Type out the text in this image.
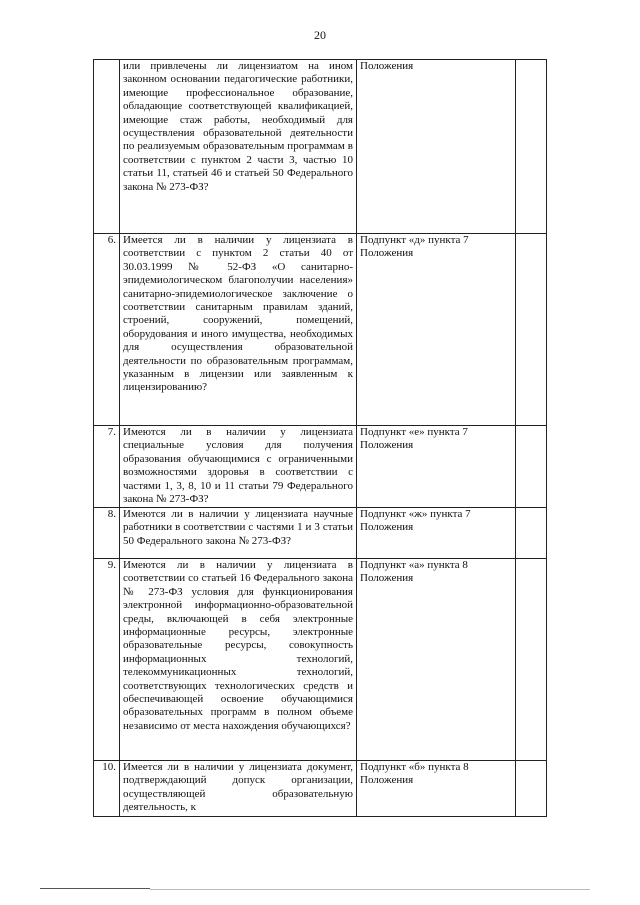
20

	или привлечены ли лицензиатом на ином законном основании педагогические работники, имеющие профессиональное образование, обладающие соответствующей квалификацией, имеющие стаж работы, необходимый для осуществления образовательной деятельности по реализуемым образовательным программам в соответствии с пунктом 2 части 3, частью 10 статьи 11, статьей 46 и статьей 50 Федерального закона № 273-ФЗ?	Положения	

6.	Имеется ли в наличии у лицензиата в соответствии с пунктом 2 статьи 40 от 30.03.1999 № 52-ФЗ «О санитарно-эпидемиологическом благополучии населения» санитарно-эпидемиологическое заключение о соответствии санитарным правилам зданий, строений, сооружений, помещений, оборудования и иного имущества, необходимых для осуществления образовательной деятельности по образовательным программам, указанным в лицензии или заявленным к лицензированию?	Подпункт «д» пункта 7
Положения	

7.	Имеются ли в наличии у лицензиата специальные условия для получения образования обучающимися с ограниченными возможностями здоровья в соответствии с частями 1, 3, 8, 10 и 11 статьи 79 Федерального закона № 273-ФЗ?	Подпункт «е» пункта 7
Положения	

8.	Имеются ли в наличии у лицензиата научные работники в соответствии с частями 1 и 3 статьи 50 Федерального закона № 273-ФЗ?	Подпункт «ж» пункта 7
Положения	

9.	Имеются ли в наличии у лицензиата в соответствии со статьей 16 Федерального закона № 273-ФЗ условия для функционирования электронной информационно-образовательной среды, включающей в себя электронные информационные ресурсы, электронные образовательные ресурсы, совокупность информационных технологий, телекоммуникационных технологий, соответствующих технологических средств и обеспечивающей освоение обучающимися образовательных программ в полном объеме независимо от места нахождения обучающихся?	Подпункт «а» пункта 8
Положения	

10.	Имеется ли в наличии у лицензиата документ, подтверждающий допуск организации, осуществляющей образовательную деятельность, к	Подпункт «б» пункта 8
Положения	
